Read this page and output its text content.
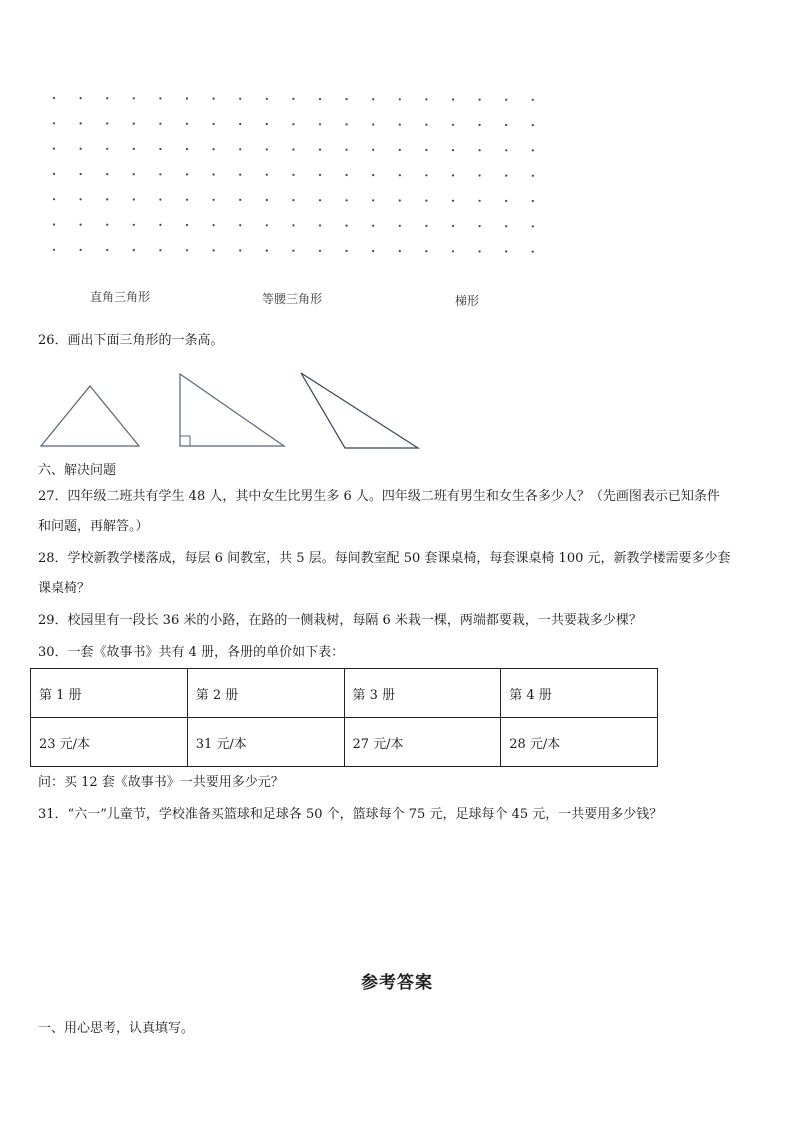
直角三角形	等腰三角形	梯形
26．画出下面三角形的一条高。
六、解决问题
27．四年级二班共有学生 48 人，其中女生比男生多 6 人。四年级二班有男生和女生各多少人？（先画图表示已知条件
和问题，再解答。）
28．学校新教学楼落成，每层 6 间教室，共 5 层。每间教室配 50 套课桌椅，每套课桌椅 100 元，新教学楼需要多少套
课桌椅？
29．校园里有一段长 36 米的小路，在路的一侧栽树，每隔 6 米栽一棵，两端都要栽，一共要栽多少棵？
30．一套《故事书》共有 4 册，各册的单价如下表：
第 1 册	第 2 册	第 3 册	第 4 册
23 元/本	31 元/本	27 元/本	28 元/本
问：买 12 套《故事书》一共要用多少元？
31．“六一”儿童节，学校准备买篮球和足球各 50 个，篮球每个 75 元，足球每个 45 元，一共要用多少钱？
参考答案
一、用心思考，认真填写。
